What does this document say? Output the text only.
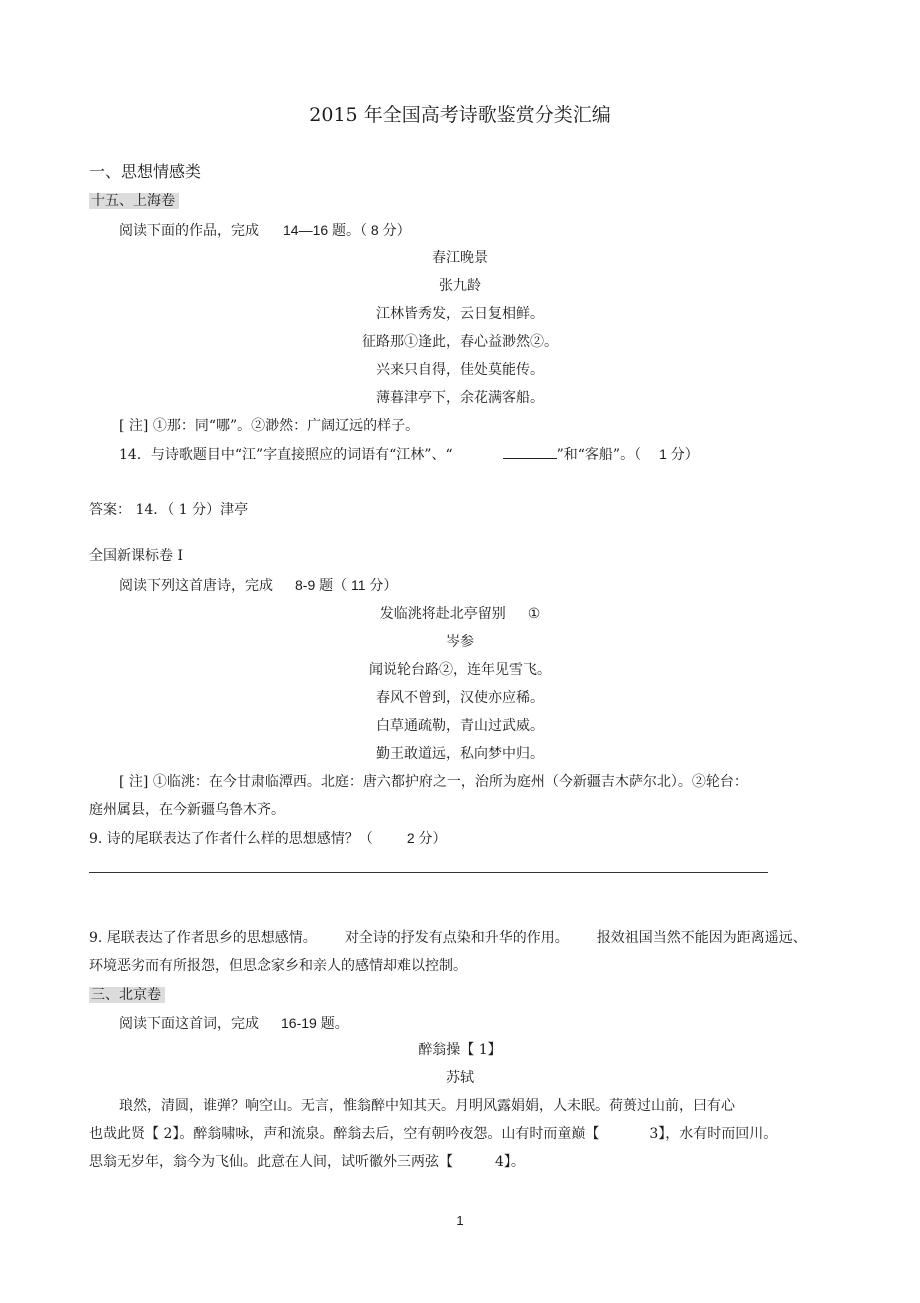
2015 年全国高考诗歌鉴赏分类汇编
一、思想情感类
十五、上海卷
阅读下面的作品，完成 14—16 题。（ 8 分）
春江晚景
张九龄
江林皆秀发，云日复相鲜。
征路那①逢此，春心益渺然②。
兴来只自得，佳处莫能传。
薄暮津亭下，余花满客船。
[ 注] ①那：同“哪”。②渺然：广阔辽远的样子。
14．与诗歌题目中“江”字直接照应的词语有“江林”、“	”和“客船”。（ 1 分）
答案： 14．（ 1 分）津亭
全国新课标卷 I
阅读下列这首唐诗，完成 8-9 题（ 11 分）
发临洮将赴北亭留别 ①
岑参
闻说轮台路②，连年见雪飞。
春风不曾到，汉使亦应稀。
白草通疏勒，青山过武威。
勤王敢道远，私向梦中归。
[ 注] ①临洮：在今甘肃临潭西。北庭：唐六都护府之一，治所为庭州（今新疆吉木萨尔北）。②轮台：
庭州属县，在今新疆乌鲁木齐。
9. 诗的尾联表达了作者什么样的思想感情？（ 2 分）
9. 尾联表达了作者思乡的思想感情。 对全诗的抒发有点染和升华的作用。 报效祖国当然不能因为距离遥远、
环境恶劣而有所报怨，但思念家乡和亲人的感情却难以控制。
三、北京卷
阅读下面这首词，完成 16-19 题。
醉翁操【 1】
苏轼
琅然，清圆，谁弹？响空山。无言，惟翁醉中知其天。月明风露娟娟，人未眠。荷蒉过山前，曰有心
也哉此贤【 2】。醉翁啸咏，声和流泉。醉翁去后，空有朝吟夜怨。山有时而童巅【	3】，水有时而回川。
思翁无岁年，翁今为飞仙。此意在人间，试听徽外三两弦【	4】。
1
